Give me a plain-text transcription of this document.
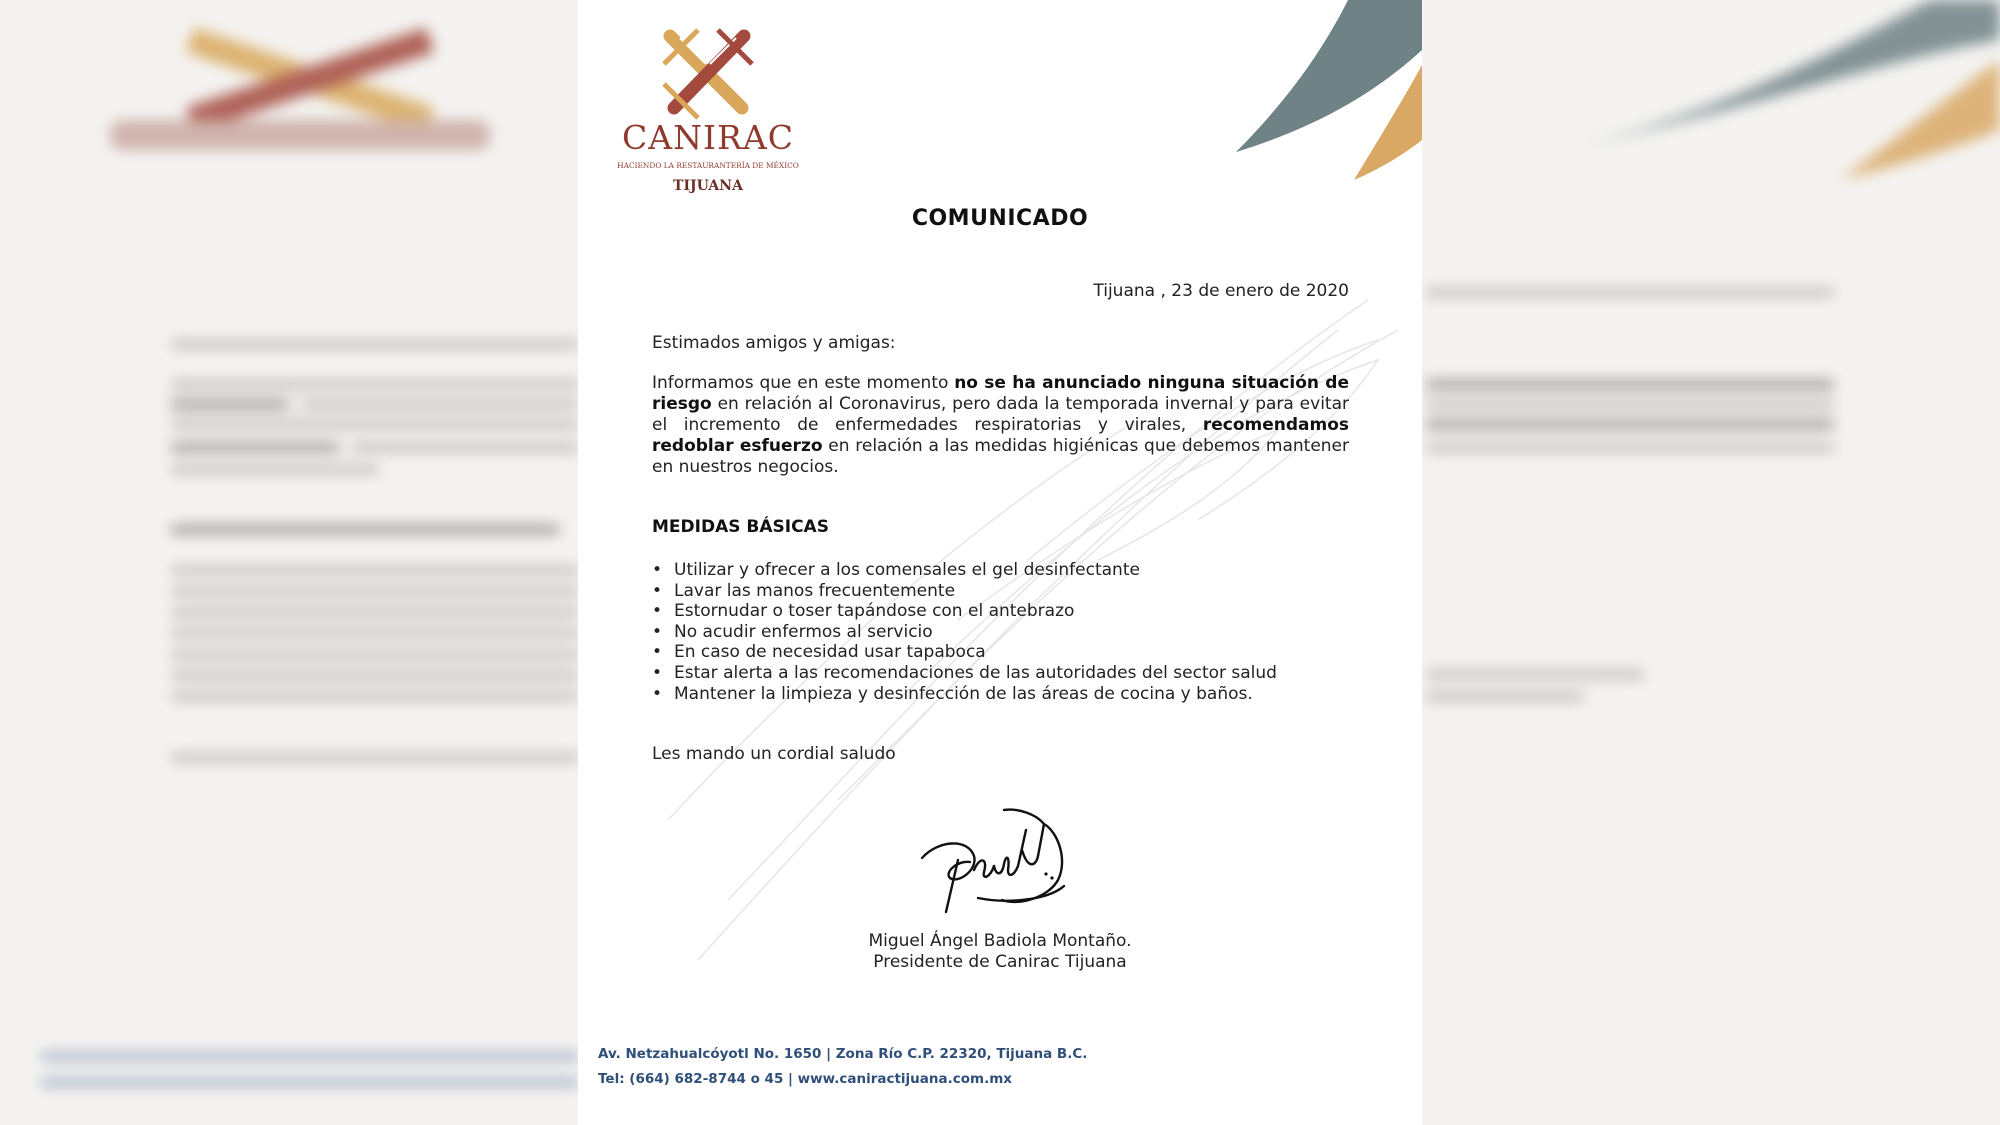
CANIRAC
HACIENDO LA RESTAURANTERÍA DE MÉXICO
TIJUANA
COMUNICADO
Tijuana , 23 de enero de 2020
Estimados amigos y amigas:
Informamos que en este momento no se ha anunciado ninguna situación de riesgo en relación al Coronavirus, pero dada la temporada invernal y para evitar el incremento de enfermedades respiratorias y virales, recomendamos redoblar esfuerzo en relación a las medidas higiénicas que debemos mantener en nuestros negocios.
MEDIDAS BÁSICAS
• Utilizar y ofrecer a los comensales el gel desinfectante
• Lavar las manos frecuentemente
• Estornudar o toser tapándose con el antebrazo
• No acudir enfermos al servicio
• En caso de necesidad usar tapaboca
• Estar alerta a las recomendaciones de las autoridades del sector salud
• Mantener la limpieza y desinfección de las áreas de cocina y baños.
Les mando un cordial saludo
Miguel Ángel Badiola Montaño.
Presidente de Canirac Tijuana
Av. Netzahualcóyotl No. 1650 | Zona Río C.P. 22320, Tijuana B.C.
Tel: (664) 682-8744 o 45 | www.caniractijuana.com.mx
